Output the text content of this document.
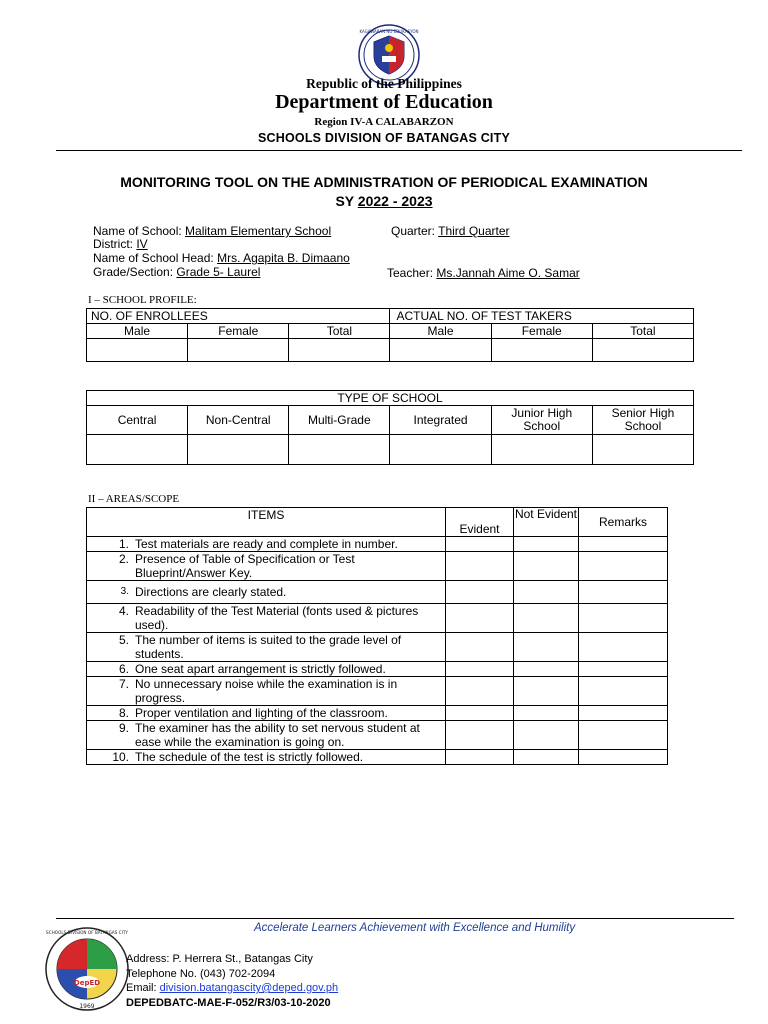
KAGAWARAN NG EDUKASYON
Republic of the Philippines
Department of Education
Region IV-A CALABARZON
SCHOOLS DIVISION OF BATANGAS CITY
MONITORING TOOL ON THE ADMINISTRATION OF PERIODICAL EXAMINATION
SY 2022 - 2023
Name of School: Malitam Elementary School	Quarter: Third Quarter
District: IV
Name of School Head: Mrs. Agapita B. Dimaano
Grade/Section: Grade 5- Laurel	Teacher: Ms.Jannah Aime O. Samar
I – SCHOOL PROFILE:
NO. OF ENROLLEES			ACTUAL NO. OF TEST TAKERS		
Male	Female	Total	Male	Female	Total

TYPE OF SCHOOL					
Central	Non-Central	Multi-Grade	Integrated	Junior High School	Senior High School

II – AREAS/SCOPE
ITEMS	Evident	Not Evident	Remarks

1. Test materials are ready and complete in number.			

2. Presence of Table of Specification or Test Blueprint/Answer Key.			

3. Directions are clearly stated.			

4. Readability of the Test Material (fonts used & pictures used).			

5. The number of items is suited to the grade level of students.			

6. One seat apart arrangement is strictly followed.			

7. No unnecessary noise while the examination is in progress.			

8. Proper ventilation and lighting of the classroom.			

9. The examiner has the ability to set nervous student at ease while the examination is going on.			

10. The schedule of the test is strictly followed.			

Accelerate Learners Achievement with Excellence and Humility
DepED
1969
SCHOOLS DIVISION OF BATANGAS CITY
Address: P. Herrera St., Batangas City
Telephone No. (043) 702-2094
Email: division.batangascity@deped.gov.ph
DEPEDBATC-MAE-F-052/R3/03-10-2020
